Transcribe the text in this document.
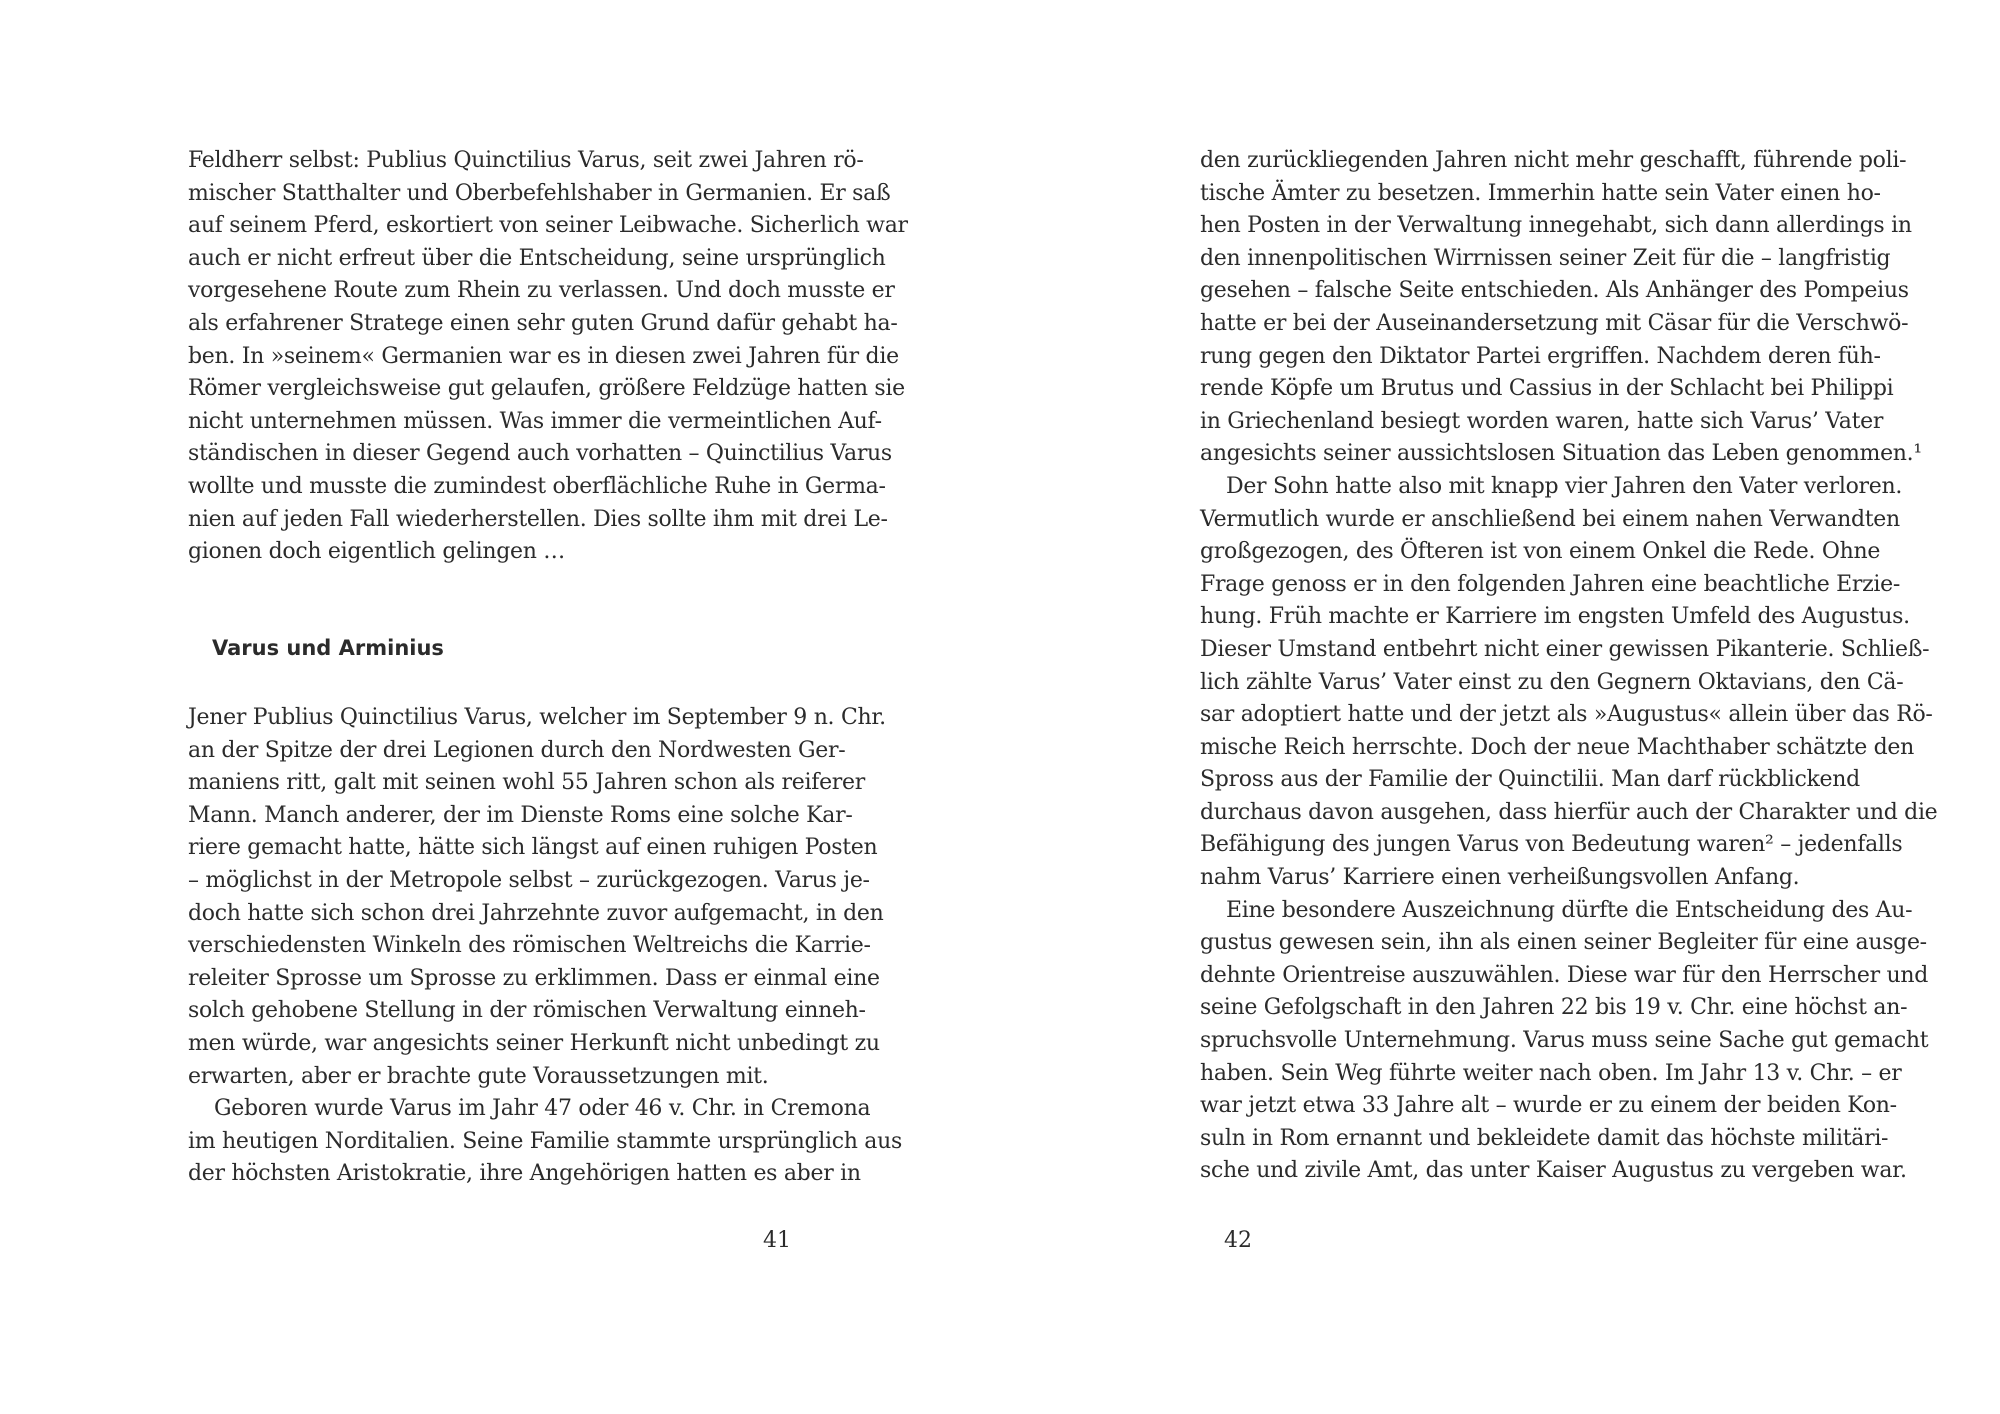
Feldherr selbst: Publius Quinctilius Varus, seit zwei Jahren rö-
mischer Statthalter und Oberbefehlshaber in Germanien. Er saß
auf seinem Pferd, eskortiert von seiner Leibwache. Sicherlich war
auch er nicht erfreut über die Entscheidung, seine ursprünglich
vorgesehene Route zum Rhein zu verlassen. Und doch musste er
als erfahrener Stratege einen sehr guten Grund dafür gehabt ha-
ben. In »seinem« Germanien war es in diesen zwei Jahren für die
Römer vergleichsweise gut gelaufen, größere Feldzüge hatten sie
nicht unternehmen müssen. Was immer die vermeintlichen Auf-
ständischen in dieser Gegend auch vorhatten – Quinctilius Varus
wollte und musste die zumindest oberflächliche Ruhe in Germa-
nien auf jeden Fall wiederherstellen. Dies sollte ihm mit drei Le-
gionen doch eigentlich gelingen …
Varus und Arminius
Jener Publius Quinctilius Varus, welcher im September 9 n. Chr.
an der Spitze der drei Legionen durch den Nordwesten Ger-
maniens ritt, galt mit seinen wohl 55 Jahren schon als reiferer
Mann. Manch anderer, der im Dienste Roms eine solche Kar-
riere gemacht hatte, hätte sich längst auf einen ruhigen Posten
– möglichst in der Metropole selbst – zurückgezogen. Varus je-
doch hatte sich schon drei Jahrzehnte zuvor aufgemacht, in den
verschiedensten Winkeln des römischen Weltreichs die Karrie-
releiter Sprosse um Sprosse zu erklimmen. Dass er einmal eine
solch gehobene Stellung in der römischen Verwaltung einneh-
men würde, war angesichts seiner Herkunft nicht unbedingt zu
erwarten, aber er brachte gute Voraussetzungen mit.
Geboren wurde Varus im Jahr 47 oder 46 v. Chr. in Cremona
im heutigen Norditalien. Seine Familie stammte ursprünglich aus
der höchsten Aristokratie, ihre Angehörigen hatten es aber in
41
den zurückliegenden Jahren nicht mehr geschafft, führende poli-
tische Ämter zu besetzen. Immerhin hatte sein Vater einen ho-
hen Posten in der Verwaltung innegehabt, sich dann allerdings in
den innenpolitischen Wirrnissen seiner Zeit für die – langfristig
gesehen – falsche Seite entschieden. Als Anhänger des Pompeius
hatte er bei der Auseinandersetzung mit Cäsar für die Verschwö-
rung gegen den Diktator Partei ergriffen. Nachdem deren füh-
rende Köpfe um Brutus und Cassius in der Schlacht bei Philippi
in Griechenland besiegt worden waren, hatte sich Varus’ Vater
angesichts seiner aussichtslosen Situation das Leben genommen.¹
Der Sohn hatte also mit knapp vier Jahren den Vater verloren.
Vermutlich wurde er anschließend bei einem nahen Verwandten
großgezogen, des Öfteren ist von einem Onkel die Rede. Ohne
Frage genoss er in den folgenden Jahren eine beachtliche Erzie-
hung. Früh machte er Karriere im engsten Umfeld des Augustus.
Dieser Umstand entbehrt nicht einer gewissen Pikanterie. Schließ-
lich zählte Varus’ Vater einst zu den Gegnern Oktavians, den Cä-
sar adoptiert hatte und der jetzt als »Augustus« allein über das Rö-
mische Reich herrschte. Doch der neue Machthaber schätzte den
Spross aus der Familie der Quinctilii. Man darf rückblickend
durchaus davon ausgehen, dass hierfür auch der Charakter und die
Befähigung des jungen Varus von Bedeutung waren² – jedenfalls
nahm Varus’ Karriere einen verheißungsvollen Anfang.
Eine besondere Auszeichnung dürfte die Entscheidung des Au-
gustus gewesen sein, ihn als einen seiner Begleiter für eine ausge-
dehnte Orientreise auszuwählen. Diese war für den Herrscher und
seine Gefolgschaft in den Jahren 22 bis 19 v. Chr. eine höchst an-
spruchsvolle Unternehmung. Varus muss seine Sache gut gemacht
haben. Sein Weg führte weiter nach oben. Im Jahr 13 v. Chr. – er
war jetzt etwa 33 Jahre alt – wurde er zu einem der beiden Kon-
suln in Rom ernannt und bekleidete damit das höchste militäri-
sche und zivile Amt, das unter Kaiser Augustus zu vergeben war.
42
